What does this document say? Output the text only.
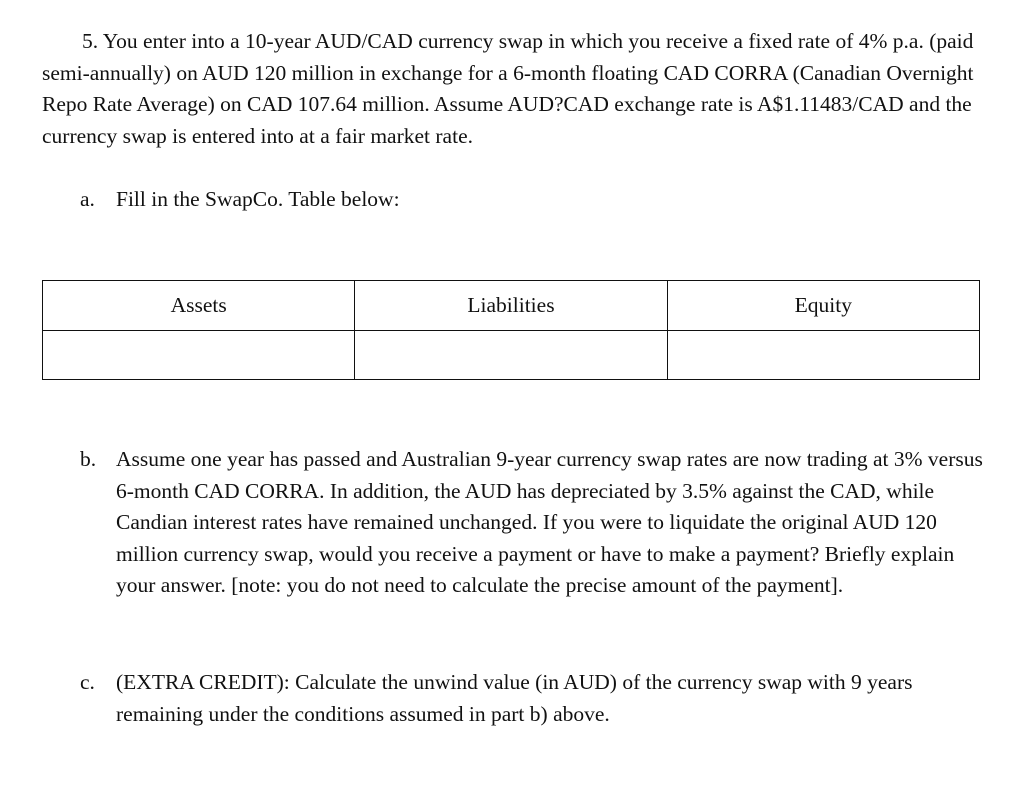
5. You enter into a 10-year AUD/CAD currency swap in which you receive a fixed rate of 4% p.a. (paid semi-annually) on AUD 120 million in exchange for a 6-month floating CAD CORRA (Canadian Overnight Repo Rate Average) on CAD 107.64 million. Assume AUD?CAD exchange rate is A$1.11483/CAD and the currency swap is entered into at a fair market rate.

a. Fill in the SwapCo. Table below:
Assets	Liabilities	Equity

b. Assume one year has passed and Australian 9-year currency swap rates are now trading at 3% versus 6-month CAD CORRA. In addition, the AUD has depreciated by 3.5% against the CAD, while Candian interest rates have remained unchanged. If you were to liquidate the original AUD 120 million currency swap, would you receive a payment or have to make a payment? Briefly explain your answer. [note: you do not need to calculate the precise amount of the payment].
c. (EXTRA CREDIT): Calculate the unwind value (in AUD) of the currency swap with 9 years remaining under the conditions assumed in part b) above.
